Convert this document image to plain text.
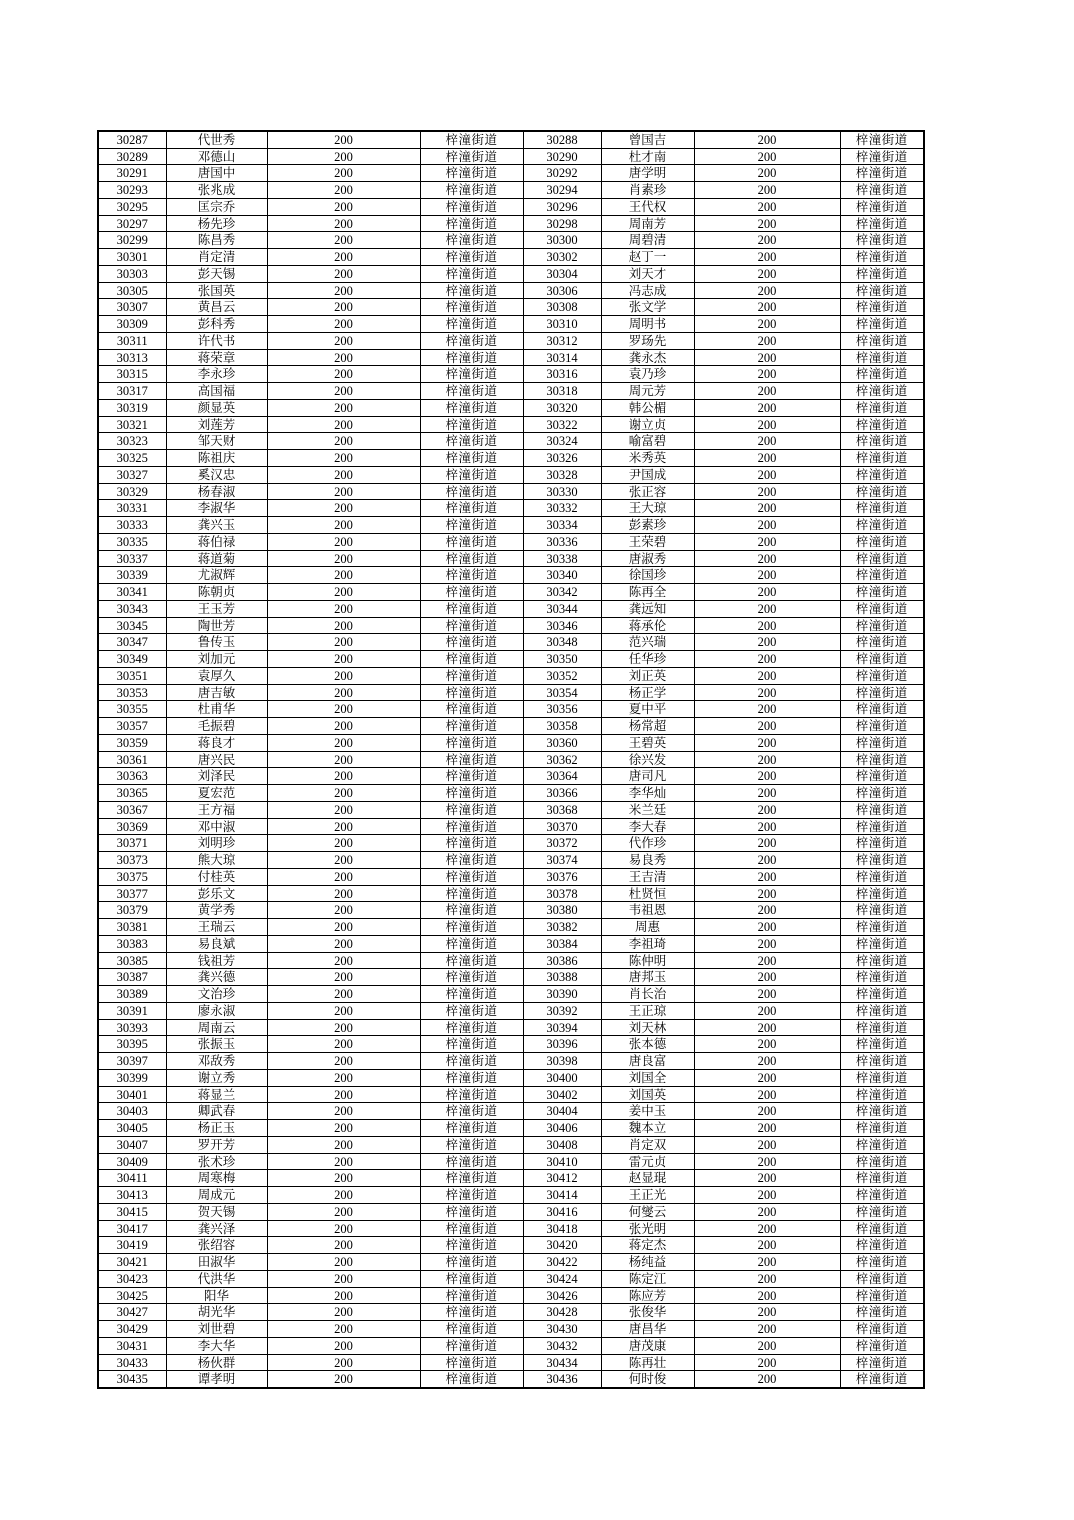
30287	代世秀	200	梓潼街道	30288	曾国吉	200	梓潼街道
30289	邓德山	200	梓潼街道	30290	杜才南	200	梓潼街道
30291	唐国中	200	梓潼街道	30292	唐学明	200	梓潼街道
30293	张兆成	200	梓潼街道	30294	肖素珍	200	梓潼街道
30295	匡宗乔	200	梓潼街道	30296	王代权	200	梓潼街道
30297	杨先珍	200	梓潼街道	30298	周南芳	200	梓潼街道
30299	陈昌秀	200	梓潼街道	30300	周碧清	200	梓潼街道
30301	肖定清	200	梓潼街道	30302	赵丁一	200	梓潼街道
30303	彭天锡	200	梓潼街道	30304	刘天才	200	梓潼街道
30305	张国英	200	梓潼街道	30306	冯志成	200	梓潼街道
30307	黄昌云	200	梓潼街道	30308	张文学	200	梓潼街道
30309	彭科秀	200	梓潼街道	30310	周明书	200	梓潼街道
30311	许代书	200	梓潼街道	30312	罗玚先	200	梓潼街道
30313	蒋荣章	200	梓潼街道	30314	龚永杰	200	梓潼街道
30315	李永珍	200	梓潼街道	30316	袁乃珍	200	梓潼街道
30317	高国福	200	梓潼街道	30318	周元芳	200	梓潼街道
30319	颜显英	200	梓潼街道	30320	韩公楣	200	梓潼街道
30321	刘莲芳	200	梓潼街道	30322	谢立贞	200	梓潼街道
30323	邹天财	200	梓潼街道	30324	喻富碧	200	梓潼街道
30325	陈祖庆	200	梓潼街道	30326	米秀英	200	梓潼街道
30327	奚汉忠	200	梓潼街道	30328	尹国成	200	梓潼街道
30329	杨春淑	200	梓潼街道	30330	张正容	200	梓潼街道
30331	李淑华	200	梓潼街道	30332	王大琼	200	梓潼街道
30333	龚兴玉	200	梓潼街道	30334	彭素珍	200	梓潼街道
30335	蒋伯禄	200	梓潼街道	30336	王荣碧	200	梓潼街道
30337	蒋道菊	200	梓潼街道	30338	唐淑秀	200	梓潼街道
30339	尤淑辉	200	梓潼街道	30340	徐国珍	200	梓潼街道
30341	陈朝贞	200	梓潼街道	30342	陈再全	200	梓潼街道
30343	王玉芳	200	梓潼街道	30344	龚远知	200	梓潼街道
30345	陶世芳	200	梓潼街道	30346	蒋承伦	200	梓潼街道
30347	鲁传玉	200	梓潼街道	30348	范兴瑞	200	梓潼街道
30349	刘加元	200	梓潼街道	30350	任华珍	200	梓潼街道
30351	袁厚久	200	梓潼街道	30352	刘正英	200	梓潼街道
30353	唐吉敏	200	梓潼街道	30354	杨正学	200	梓潼街道
30355	杜甫华	200	梓潼街道	30356	夏中平	200	梓潼街道
30357	毛振碧	200	梓潼街道	30358	杨常超	200	梓潼街道
30359	蒋良才	200	梓潼街道	30360	王碧英	200	梓潼街道
30361	唐兴民	200	梓潼街道	30362	徐兴发	200	梓潼街道
30363	刘泽民	200	梓潼街道	30364	唐司凡	200	梓潼街道
30365	夏宏范	200	梓潼街道	30366	李华灿	200	梓潼街道
30367	王方福	200	梓潼街道	30368	米兰廷	200	梓潼街道
30369	邓中淑	200	梓潼街道	30370	李大春	200	梓潼街道
30371	刘明珍	200	梓潼街道	30372	代作珍	200	梓潼街道
30373	熊大琼	200	梓潼街道	30374	易良秀	200	梓潼街道
30375	付桂英	200	梓潼街道	30376	王吉清	200	梓潼街道
30377	彭乐文	200	梓潼街道	30378	杜贤恒	200	梓潼街道
30379	黄学秀	200	梓潼街道	30380	韦祖恩	200	梓潼街道
30381	王瑞云	200	梓潼街道	30382	周惠	200	梓潼街道
30383	易良斌	200	梓潼街道	30384	李祖琦	200	梓潼街道
30385	钱祖芳	200	梓潼街道	30386	陈仲明	200	梓潼街道
30387	龚兴德	200	梓潼街道	30388	唐邦玉	200	梓潼街道
30389	文治珍	200	梓潼街道	30390	肖长治	200	梓潼街道
30391	廖永淑	200	梓潼街道	30392	王正琼	200	梓潼街道
30393	周南云	200	梓潼街道	30394	刘天林	200	梓潼街道
30395	张振玉	200	梓潼街道	30396	张本德	200	梓潼街道
30397	邓敌秀	200	梓潼街道	30398	唐良富	200	梓潼街道
30399	谢立秀	200	梓潼街道	30400	刘国全	200	梓潼街道
30401	蒋显兰	200	梓潼街道	30402	刘国英	200	梓潼街道
30403	卿武春	200	梓潼街道	30404	姜中玉	200	梓潼街道
30405	杨正玉	200	梓潼街道	30406	魏本立	200	梓潼街道
30407	罗开芳	200	梓潼街道	30408	肖定双	200	梓潼街道
30409	张术珍	200	梓潼街道	30410	雷元贞	200	梓潼街道
30411	周寒梅	200	梓潼街道	30412	赵显琨	200	梓潼街道
30413	周成元	200	梓潼街道	30414	王正光	200	梓潼街道
30415	贺天锡	200	梓潼街道	30416	何燮云	200	梓潼街道
30417	龚兴泽	200	梓潼街道	30418	张光明	200	梓潼街道
30419	张绍容	200	梓潼街道	30420	蒋定杰	200	梓潼街道
30421	田淑华	200	梓潼街道	30422	杨纯益	200	梓潼街道
30423	代洪华	200	梓潼街道	30424	陈定江	200	梓潼街道
30425	阳华	200	梓潼街道	30426	陈应芳	200	梓潼街道
30427	胡光华	200	梓潼街道	30428	张俊华	200	梓潼街道
30429	刘世碧	200	梓潼街道	30430	唐昌华	200	梓潼街道
30431	李大华	200	梓潼街道	30432	唐茂康	200	梓潼街道
30433	杨伙群	200	梓潼街道	30434	陈再壮	200	梓潼街道
30435	谭孝明	200	梓潼街道	30436	何时俊	200	梓潼街道
